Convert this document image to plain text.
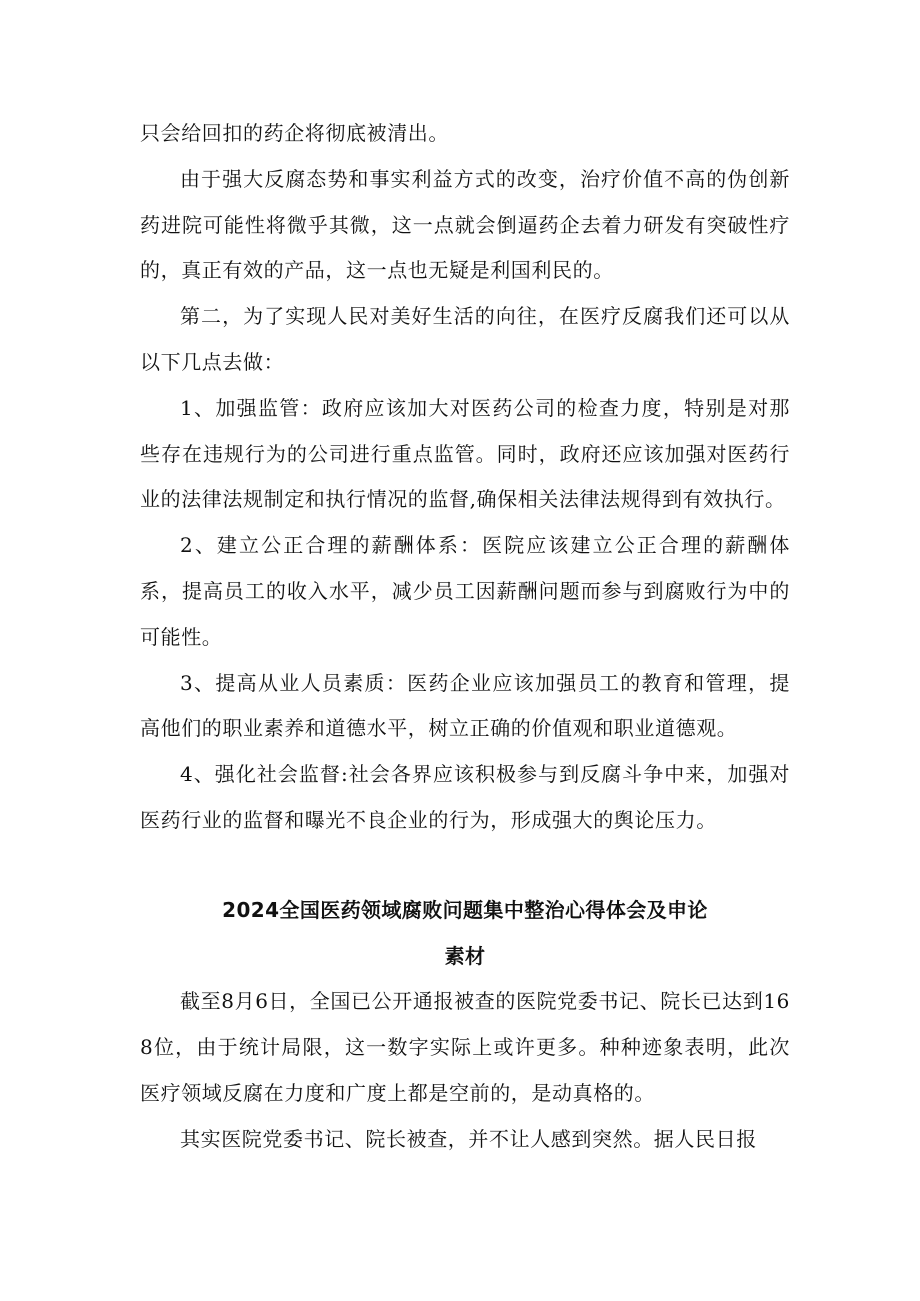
只会给回扣的药企将彻底被清出。

由于强大反腐态势和事实利益方式的改变，治疗价值不高的伪创新药进院可能性将微乎其微，这一点就会倒逼药企去着力研发有突破性疗的，真正有效的产品，这一点也无疑是利国利民的。

第二，为了实现人民对美好生活的向往，在医疗反腐我们还可以从以下几点去做：

1、加强监管：政府应该加大对医药公司的检查力度，特别是对那些存在违规行为的公司进行重点监管。同时，政府还应该加强对医药行业的法律法规制定和执行情况的监督,确保相关法律法规得到有效执行。

2、建立公正合理的薪酬体系：医院应该建立公正合理的薪酬体系，提高员工的收入水平，减少员工因薪酬问题而参与到腐败行为中的可能性。

3、提高从业人员素质：医药企业应该加强员工的教育和管理，提高他们的职业素养和道德水平，树立正确的价值观和职业道德观。

4、强化社会监督:社会各界应该积极参与到反腐斗争中来，加强对医药行业的监督和曝光不良企业的行为，形成强大的舆论压力。

2024全国医药领域腐败问题集中整治心得体会及申论
素材

截至8月6日，全国已公开通报被查的医院党委书记、院长已达到168位，由于统计局限，这一数字实际上或许更多。种种迹象表明，此次医疗领域反腐在力度和广度上都是空前的，是动真格的。

其实医院党委书记、院长被查，并不让人感到突然。据人民日报
